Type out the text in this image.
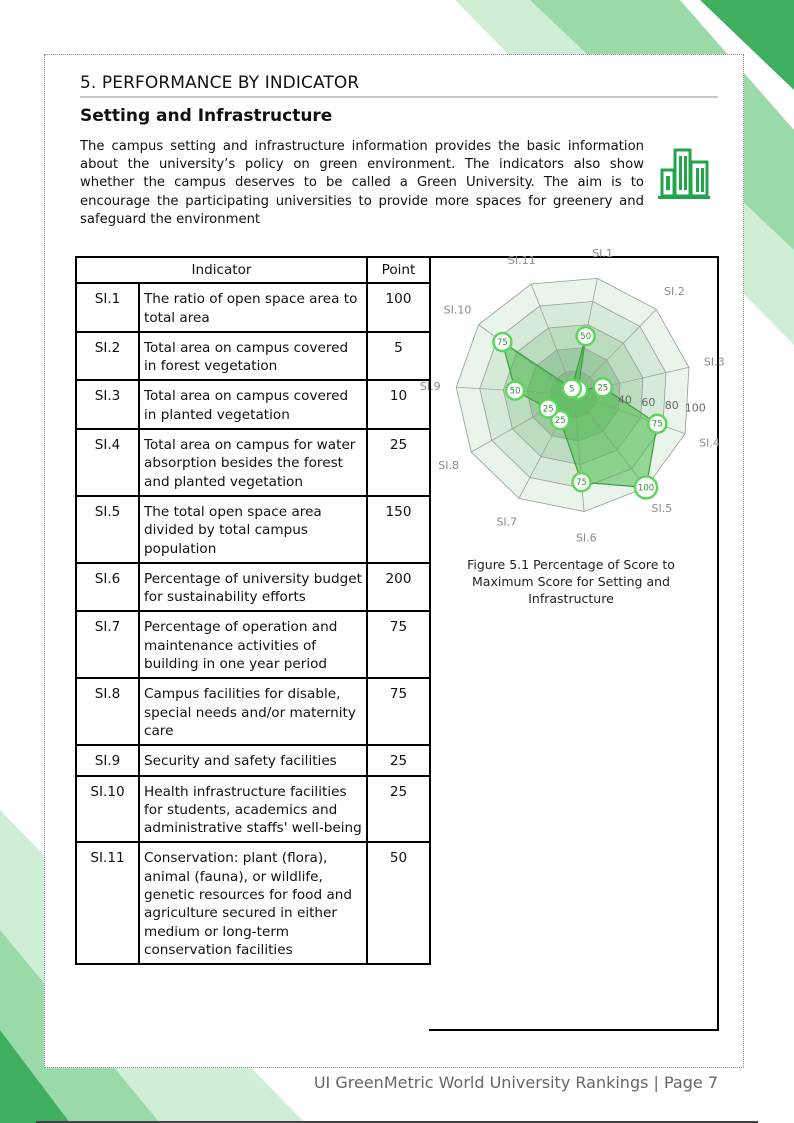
5. PERFORMANCE BY INDICATOR
Setting and Infrastructure
The campus setting and infrastructure information provides the basic information about the university’s policy on green environment. The indicators also show whether the campus deserves to be called a Green University. The aim is to encourage the participating universities to provide more spaces for greenery and safeguard the environment
Indicator		Point
SI.1	The ratio of open space area to total area	100
SI.2	Total area on campus covered in forest vegetation	5
SI.3	Total area on campus covered in planted vegetation	10
SI.4	Total area on campus for water absorption besides the forest and planted vegetation	25
SI.5	The total open space area divided by total campus population	150
SI.6	Percentage of university budget for sustainability efforts	200
SI.7	Percentage of operation and maintenance activities of building in one year period	75
SI.8	Campus facilities for disable, special needs and/or maternity care	75
SI.9	Security and safety facilities	25
SI.10	Health infrastructure facilities for students, academics and administrative staffs' well-being	25
SI.11	Conservation: plant (flora), animal (fauna), or wildlife, genetic resources for food and agriculture secured in either medium or long-term conservation facilities	50
SI.1
SI.2
SI.3
SI.4
SI.5
SI.6
SI.7
SI.8
SI.9
SI.10
SI.11
40 60 80 100
50
25
75
100
75
25
25
50
75
5
Figure 5.1 Percentage of Score to Maximum Score for Setting and Infrastructure
UI GreenMetric World University Rankings | Page 7
